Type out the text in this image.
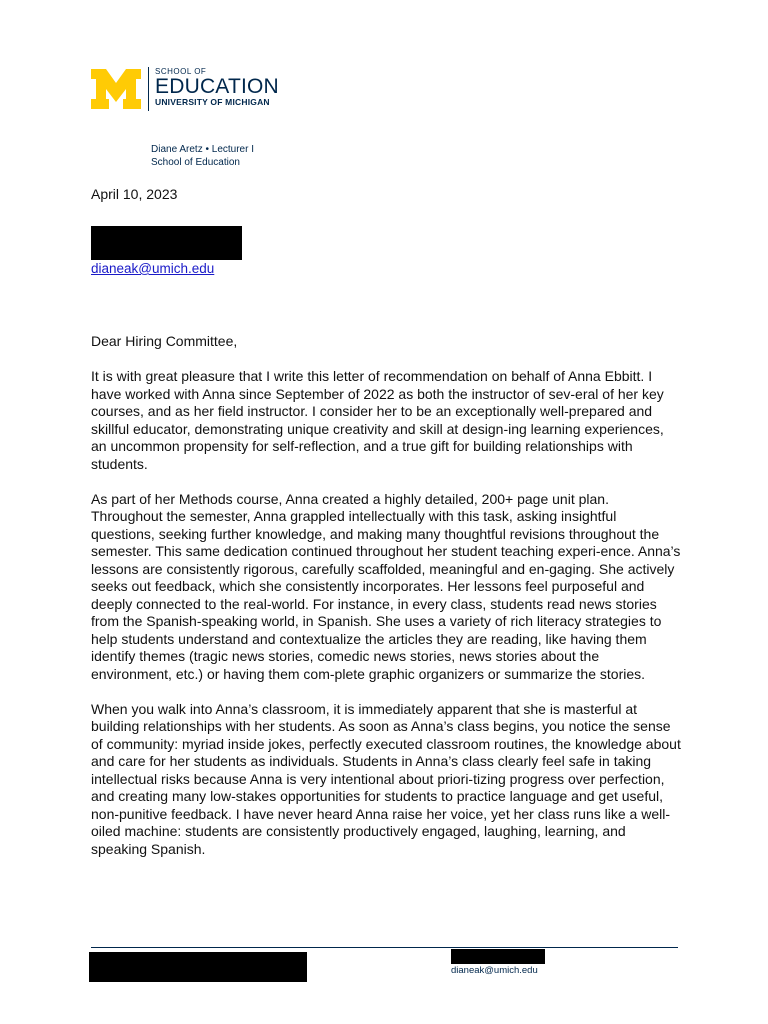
SCHOOL OF
EDUCATION
UNIVERSITY OF MICHIGAN
Diane Aretz • Lecturer I
School of Education
April 10, 2023
dianeak@umich.edu

Dear Hiring Committee,

It is with great pleasure that I write this letter of recommendation on behalf of Anna Ebbitt. I have worked with Anna since September of 2022 as both the instructor of sev-eral of her key courses, and as her field instructor. I consider her to be an exceptionally well-prepared and skillful educator, demonstrating unique creativity and skill at design-ing learning experiences, an uncommon propensity for self-reflection, and a true gift for building relationships with students.

As part of her Methods course, Anna created a highly detailed, 200+ page unit plan. Throughout the semester, Anna grappled intellectually with this task, asking insightful questions, seeking further knowledge, and making many thoughtful revisions throughout the semester. This same dedication continued throughout her student teaching experi-ence. Anna’s lessons are consistently rigorous, carefully scaffolded, meaningful and en-gaging. She actively seeks out feedback, which she consistently incorporates. Her lessons feel purposeful and deeply connected to the real-world. For instance, in every class, students read news stories from the Spanish-speaking world, in Spanish. She uses a variety of rich literacy strategies to help students understand and contextualize the articles they are reading, like having them identify themes (tragic news stories, comedic news stories, news stories about the environment, etc.) or having them com-plete graphic organizers or summarize the stories.

When you walk into Anna’s classroom, it is immediately apparent that she is masterful at building relationships with her students. As soon as Anna’s class begins, you notice the sense of community: myriad inside jokes, perfectly executed classroom routines, the knowledge about and care for her students as individuals. Students in Anna’s class clearly feel safe in taking intellectual risks because Anna is very intentional about priori-tizing progress over perfection, and creating many low-stakes opportunities for students to practice language and get useful, non-punitive feedback. I have never heard Anna raise her voice, yet her class runs like a well-oiled machine: students are consistently productively engaged, laughing, learning, and speaking Spanish.

dianeak@umich.edu
